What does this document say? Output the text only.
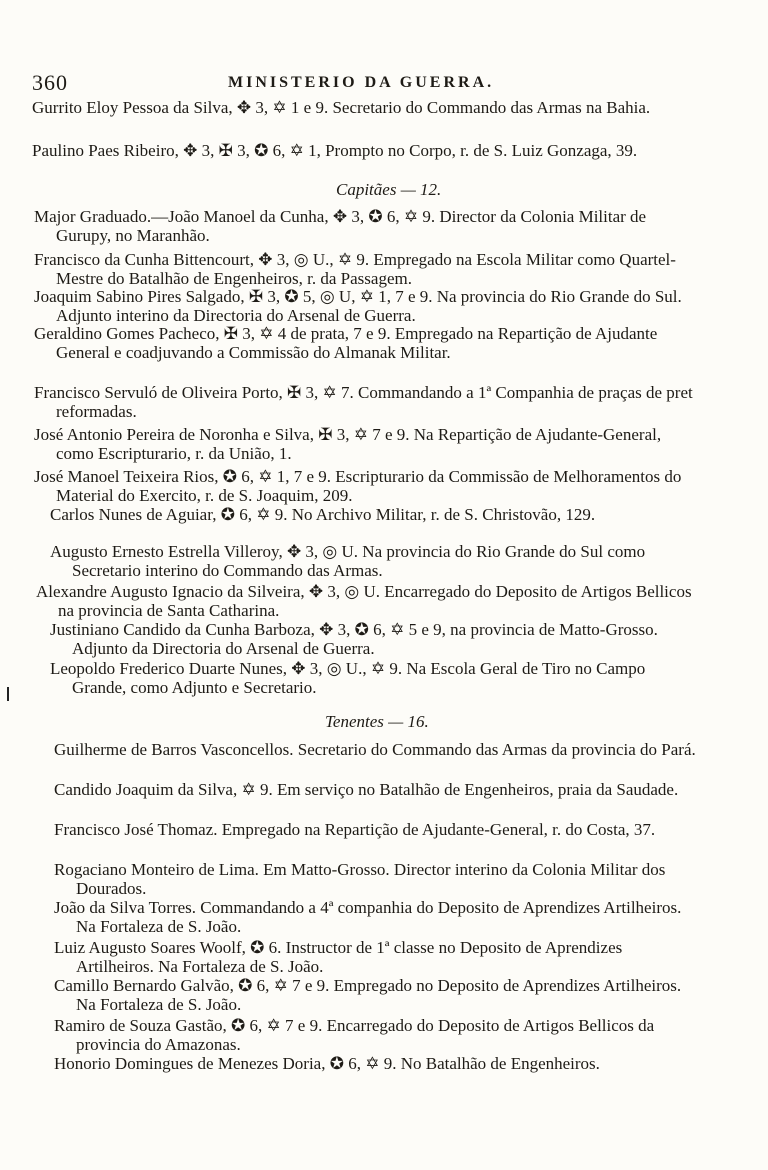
360	MINISTERIO DA GUERRA.
Gurrito Eloy Pessoa da Silva, ✥ 3, ✡ 1 e 9. Secretario do Commando das Armas na Bahia.
Paulino Paes Ribeiro, ✥ 3, ✠ 3, ✪ 6, ✡ 1, Prompto no Corpo, r. de S. Luiz Gonzaga, 39.
Capitães — 12.
Major Graduado.—João Manoel da Cunha, ✥ 3, ✪ 6, ✡ 9. Director da Colonia Militar de Gurupy, no Maranhão.
Francisco da Cunha Bittencourt, ✥ 3, ◎ U., ✡ 9. Empregado na Escola Militar como Quartel-Mestre do Batalhão de Engenheiros, r. da Passagem.
Joaquim Sabino Pires Salgado, ✠ 3, ✪ 5, ◎ U, ✡ 1, 7 e 9. Na provincia do Rio Grande do Sul. Adjunto interino da Directoria do Arsenal de Guerra.
Geraldino Gomes Pacheco, ✠ 3, ✡ 4 de prata, 7 e 9. Empregado na Repartição de Ajudante General e coadjuvando a Commissão do Almanak Militar.
Francisco Servuló de Oliveira Porto, ✠ 3, ✡ 7. Commandando a 1ª Companhia de praças de pret reformadas.
José Antonio Pereira de Noronha e Silva, ✠ 3, ✡ 7 e 9. Na Repartição de Ajudante-General, como Escripturario, r. da União, 1.
José Manoel Teixeira Rios, ✪ 6, ✡ 1, 7 e 9. Escripturario da Commissão de Melhoramentos do Material do Exercito, r. de S. Joaquim, 209.
Carlos Nunes de Aguiar, ✪ 6, ✡ 9. No Archivo Militar, r. de S. Christovão, 129.
Augusto Ernesto Estrella Villeroy, ✥ 3, ◎ U. Na provincia do Rio Grande do Sul como Secretario interino do Commando das Armas.
Alexandre Augusto Ignacio da Silveira, ✥ 3, ◎ U. Encarregado do Deposito de Artigos Bellicos na provincia de Santa Catharina.
Justiniano Candido da Cunha Barboza, ✥ 3, ✪ 6, ✡ 5 e 9, na provincia de Matto-Grosso. Adjunto da Directoria do Arsenal de Guerra.
Leopoldo Frederico Duarte Nunes, ✥ 3, ◎ U., ✡ 9. Na Escola Geral de Tiro no Campo Grande, como Adjunto e Secretario.
Tenentes — 16.
Guilherme de Barros Vasconcellos. Secretario do Commando das Armas da provincia do Pará.
Candido Joaquim da Silva, ✡ 9. Em serviço no Batalhão de Engenheiros, praia da Saudade.
Francisco José Thomaz. Empregado na Repartição de Ajudante-General, r. do Costa, 37.
Rogaciano Monteiro de Lima. Em Matto-Grosso. Director interino da Colonia Militar dos Dourados.
João da Silva Torres. Commandando a 4ª companhia do Deposito de Aprendizes Artilheiros. Na Fortaleza de S. João.
Luiz Augusto Soares Woolf, ✪ 6. Instructor de 1ª classe no Deposito de Aprendizes Artilheiros. Na Fortaleza de S. João.
Camillo Bernardo Galvão, ✪ 6, ✡ 7 e 9. Empregado no Deposito de Aprendizes Artilheiros. Na Fortaleza de S. João.
Ramiro de Souza Gastão, ✪ 6, ✡ 7 e 9. Encarregado do Deposito de Artigos Bellicos da provincia do Amazonas.
Honorio Domingues de Menezes Doria, ✪ 6, ✡ 9. No Batalhão de Engenheiros.
